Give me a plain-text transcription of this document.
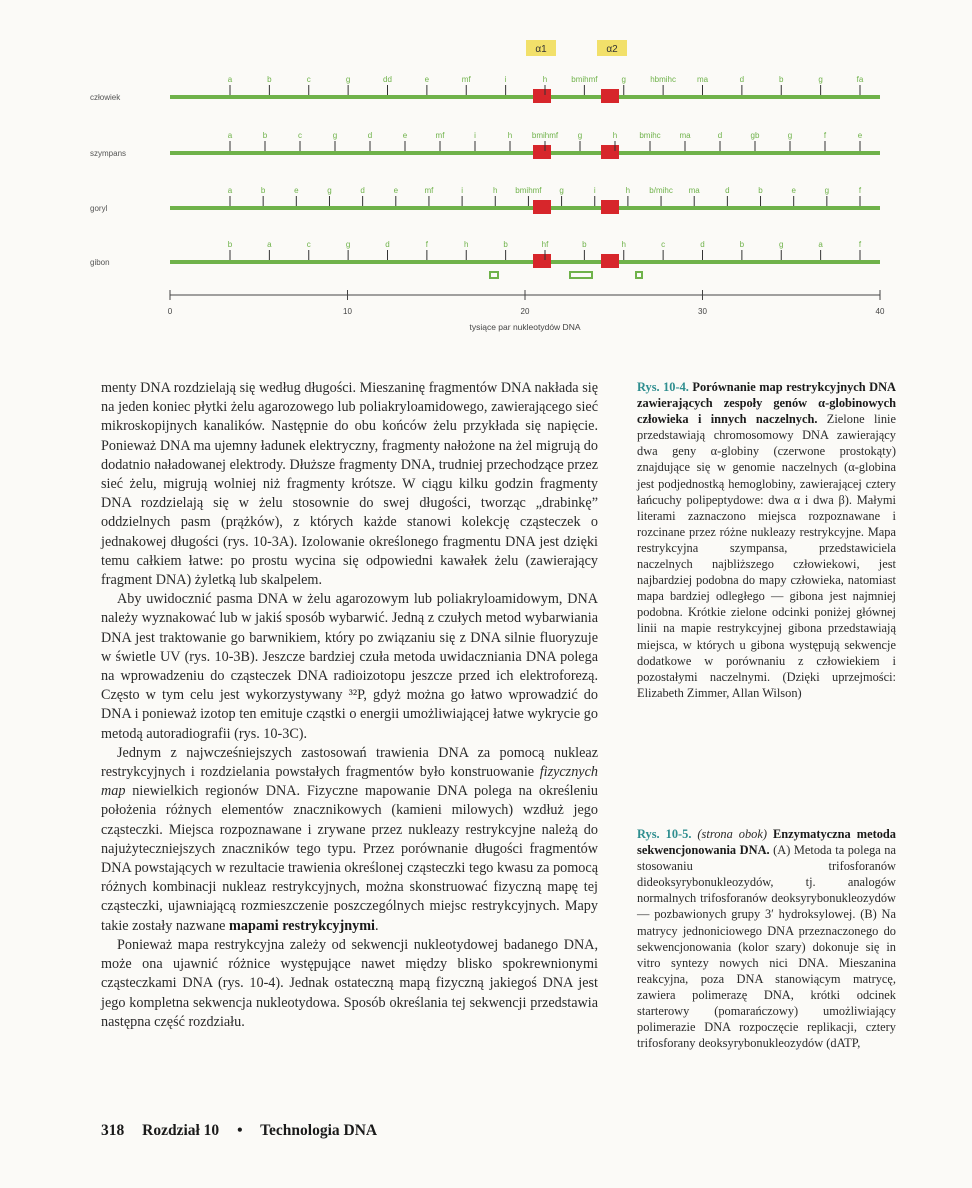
α1	α2
człowiek
a	b	c	g	dd	e	mf	i	h	bmihmf	g	hbmihc	ma	d	b	g	fa
szympans
a	b	c	g	d	e	mf	i	h bmihmf g	h	bmihc ma	d	gb	g	f	e
goryl
a	b	e	g	d	e	mf	i	h bmihmf g	i	h b/mihc ma	d	b	e	g	f
gibon
b	a	c	g	d	f	h	b	hf	b	h	c	d	b	g	a	f
0	10	20	30	40
tysiące par nukleotydów DNA

menty DNA rozdzielają się według długości. Mieszaninę fragmentów DNA nakłada się na jeden koniec płytki żelu agarozowego lub poliakryloamidowego, zawierającego sieć mikroskopijnych kanalików. Następnie do obu końców żelu przykłada się napięcie. Ponieważ DNA ma ujemny ładunek elektryczny, fragmenty nałożone na żel migrują do dodatnio naładowanej elektrody. Dłuższe fragmenty DNA, trudniej przechodzące przez sieć żelu, migrują wolniej niż fragmenty krótsze. W ciągu kilku godzin fragmenty DNA rozdzielają się w żelu stosownie do swej długości, tworząc „drabinkę” oddzielnych pasm (prążków), z których każde stanowi kolekcję cząsteczek o jednakowej długości (rys. 10-3A). Izolowanie określonego fragmentu DNA jest dzięki temu całkiem łatwe: po prostu wycina się odpowiedni kawałek żelu (zawierający fragment DNA) żyletką lub skalpelem.

Aby uwidocznić pasma DNA w żelu agarozowym lub poliakryloamidowym, DNA należy wyznakować lub w jakiś sposób wybarwić. Jedną z czułych metod wybarwiania DNA jest traktowanie go barwnikiem, który po związaniu się z DNA silnie fluoryzuje w świetle UV (rys. 10-3B). Jeszcze bardziej czuła metoda uwidaczniania DNA polega na wprowadzeniu do cząsteczek DNA radioizotopu jeszcze przed ich elektroforezą. Często w tym celu jest wykorzystywany ³²P, gdyż można go łatwo wprowadzić do DNA i ponieważ izotop ten emituje cząstki o energii umożliwiającej łatwe wykrycie go metodą autoradiografii (rys. 10-3C).

Jednym z najwcześniejszych zastosowań trawienia DNA za pomocą nukleaz restrykcyjnych i rozdzielania powstałych fragmentów było konstruowanie fizycznych map niewielkich regionów DNA. Fizyczne mapowanie DNA polega na określeniu położenia różnych elementów znacznikowych (kamieni milowych) wzdłuż jego cząsteczki. Miejsca rozpoznawane i zrywane przez nukleazy restrykcyjne należą do najużyteczniejszych znaczników tego typu. Przez porównanie długości fragmentów DNA powstających w rezultacie trawienia określonej cząsteczki tego kwasu za pomocą różnych kombinacji nukleaz restrykcyjnych, można skonstruować fizyczną mapę tej cząsteczki, ujawniającą rozmieszczenie poszczególnych miejsc restrykcyjnych. Mapy takie zostały nazwane mapami restrykcyjnymi.

Ponieważ mapa restrykcyjna zależy od sekwencji nukleotydowej badanego DNA, może ona ujawnić różnice występujące nawet między blisko spokrewnionymi cząsteczkami DNA (rys. 10-4). Jednak ostateczną mapą fizyczną jakiegoś DNA jest jego kompletna sekwencja nukleotydowa. Sposób określania tej sekwencji przedstawia następna część rozdziału.

Rys. 10-4. Porównanie map restrykcyjnych DNA zawierających zespoły genów α-globinowych człowieka i innych naczelnych. Zielone linie przedstawiają chromosomowy DNA zawierający dwa geny α-globiny (czerwone prostokąty) znajdujące się w genomie naczelnych (α-globina jest podjednostką hemoglobiny, zawierającej cztery łańcuchy polipeptydowe: dwa α i dwa β). Małymi literami zaznaczono miejsca rozpoznawane i rozcinane przez różne nukleazy restrykcyjne. Mapa restrykcyjna szympansa, przedstawiciela naczelnych najbliższego człowiekowi, jest najbardziej podobna do mapy człowieka, natomiast mapa bardziej odległego — gibona jest najmniej podobna. Krótkie zielone odcinki poniżej głównej linii na mapie restrykcyjnej gibona przedstawiają miejsca, w których u gibona występują sekwencje dodatkowe w porównaniu z człowiekiem i pozostałymi naczelnymi. (Dzięki uprzejmości: Elizabeth Zimmer, Allan Wilson)

Rys. 10-5. (strona obok) Enzymatyczna metoda sekwencjonowania DNA. (A) Metoda ta polega na stosowaniu trifosforanów dideoksyrybonukleozydów, tj. analogów normalnych trifosforanów deoksyrybonukleozydów — pozbawionych grupy 3′ hydroksylowej. (B) Na matrycy jednoniciowego DNA przeznaczonego do sekwencjonowania (kolor szary) dokonuje się in vitro syntezy nowych nici DNA. Mieszanina reakcyjna, poza DNA stanowiącym matrycę, zawiera polimerazę DNA, krótki odcinek starterowy (pomarańczowy) umożliwiający polimerazie DNA rozpoczęcie replikacji, cztery trifosforany deoksyrybonukleozydów (dATP,

318 Rozdział 10 • Technologia DNA
